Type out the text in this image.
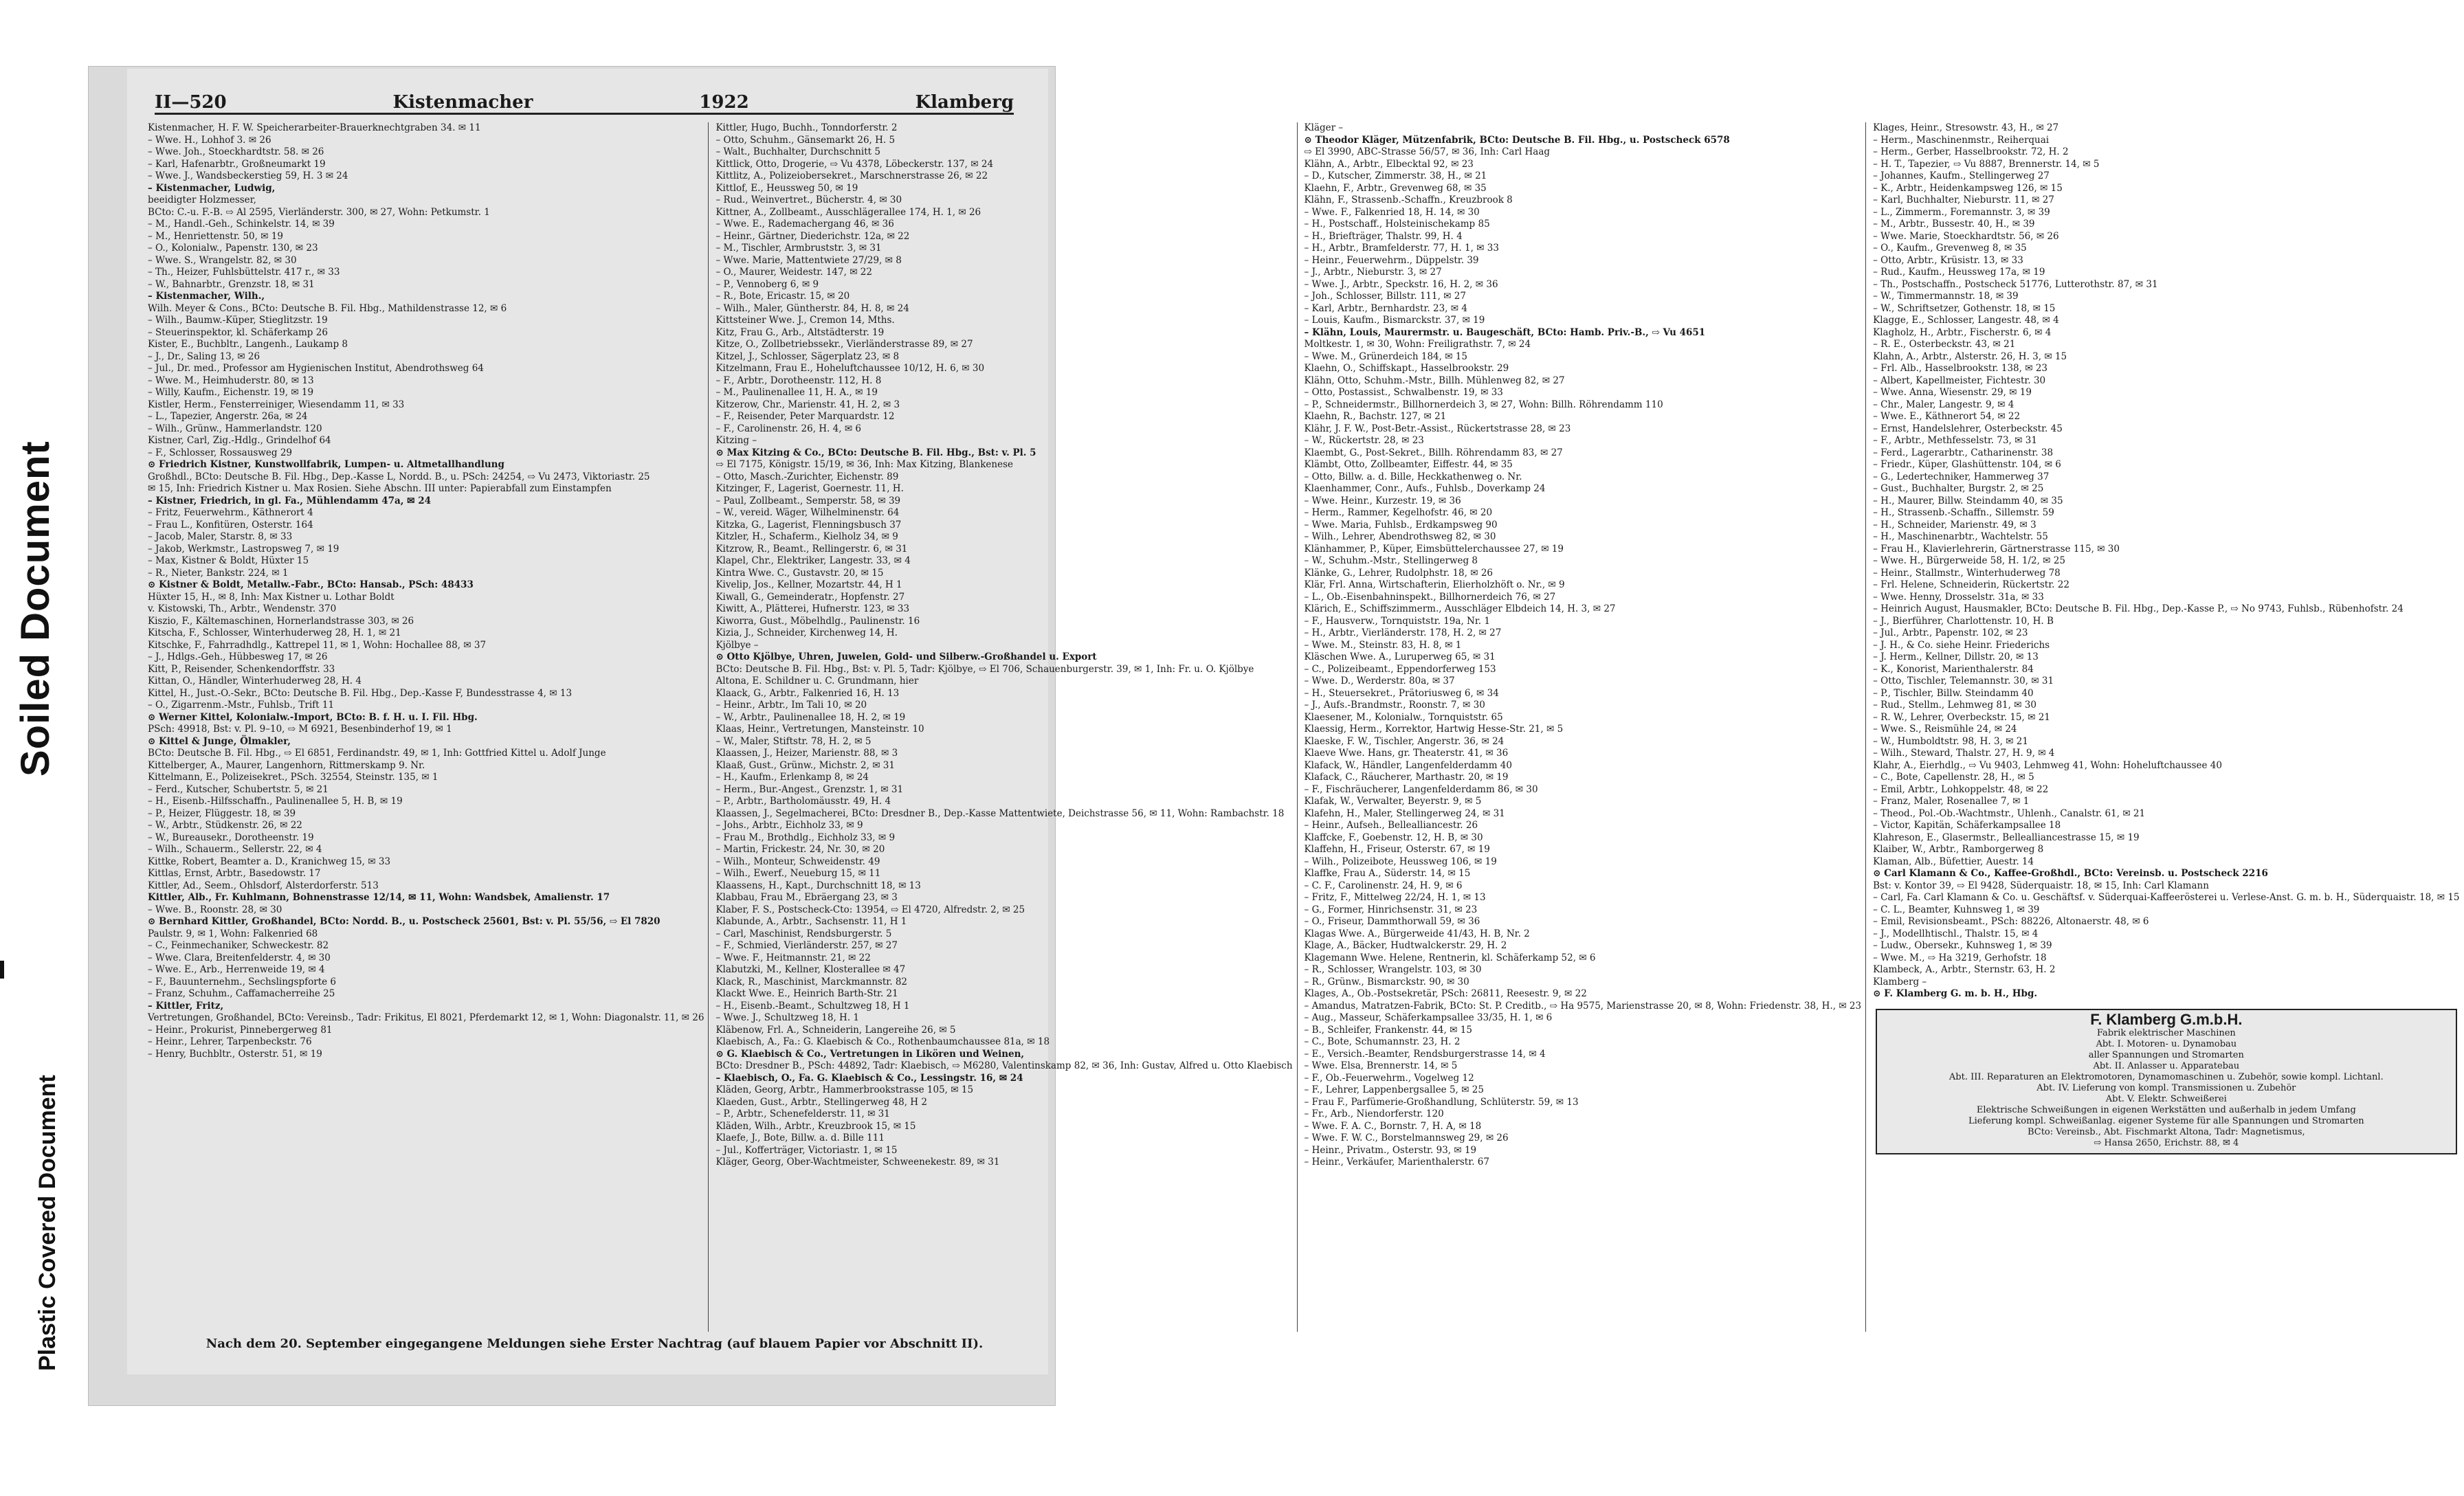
Soiled Document
Plastic Covered Document
II—520	Kistenmacher	1922	Klamberg

Kistenmacher, H. F. W. Speicherarbeiter-Brauerknechtgraben 34. ✉ 11

– Wwe. H., Lohhof 3. ✉ 26

– Wwe. Joh., Stoeckhardtstr. 58. ✉ 26

– Karl, Hafenarbtr., Großneumarkt 19

– Wwe. J., Wandsbeckerstieg 59, H. 3 ✉ 24

– Kistenmacher, Ludwig,

beeidigter Holzmesser,

BCto: C.-u. F.-B. ⇨ Al 2595, Vierländerstr. 300, ✉ 27, Wohn: Petkumstr. 1

– M., Handl.-Geh., Schinkelstr. 14, ✉ 39

– M., Henriettenstr. 50, ✉ 19

– O., Kolonialw., Papenstr. 130, ✉ 23

– Wwe. S., Wrangelstr. 82, ✉ 30

– Th., Heizer, Fuhlsbüttelstr. 417 r., ✉ 33

– W., Bahnarbtr., Grenzstr. 18, ✉ 31

– Kistenmacher, Wilh.,

Wilh. Meyer & Cons., BCto: Deutsche B. Fil. Hbg., Mathildenstrasse 12, ✉ 6

– Wilh., Baumw.-Küper, Stieglitzstr. 19

– Steuerinspektor, kl. Schäferkamp 26

Kister, E., Buchbltr., Langenh., Laukamp 8

– J., Dr., Saling 13, ✉ 26

– Jul., Dr. med., Professor am Hygienischen Institut, Abendrothsweg 64

– Wwe. M., Heimhuderstr. 80, ✉ 13

– Willy, Kaufm., Eichenstr. 19, ✉ 19

Kistler, Herm., Fensterreiniger, Wiesendamm 11, ✉ 33

– L., Tapezier, Angerstr. 26a, ✉ 24

– Wilh., Grünw., Hammerlandstr. 120

Kistner, Carl, Zig.-Hdlg., Grindelhof 64

– F., Schlosser, Rossausweg 29

⊙ Friedrich Kistner, Kunstwollfabrik, Lumpen- u. Altmetallhandlung

Großhdl., BCto: Deutsche B. Fil. Hbg., Dep.-Kasse L, Nordd. B., u. PSch: 24254, ⇨ Vu 2473, Viktoriastr. 25

✉ 15, Inh: Friedrich Kistner u. Max Rosien. Siehe Abschn. III unter: Papierabfall zum Einstampfen

– Kistner, Friedrich, in gl. Fa., Mühlendamm 47a, ✉ 24

– Fritz, Feuerwehrm., Käthnerort 4

– Frau L., Konfitüren, Osterstr. 164

– Jacob, Maler, Starstr. 8, ✉ 33

– Jakob, Werkmstr., Lastropsweg 7, ✉ 19

– Max, Kistner & Boldt, Hüxter 15

– R., Nieter, Bankstr. 224, ✉ 1

⊙ Kistner & Boldt, Metallw.-Fabr., BCto: Hansab., PSch: 48433

Hüxter 15, H., ✉ 8, Inh: Max Kistner u. Lothar Boldt

v. Kistowski, Th., Arbtr., Wendenstr. 370

Kiszio, F., Kältemaschinen, Hornerlandstrasse 303, ✉ 26

Kitscha, F., Schlosser, Winterhuderweg 28, H. 1, ✉ 21

Kitschke, F., Fahrradhdlg., Kattrepel 11, ✉ 1, Wohn: Hochallee 88, ✉ 37

– J., Hdlgs.-Geh., Hübbesweg 17, ✉ 26

Kitt, P., Reisender, Schenkendorffstr. 33

Kittan, O., Händler, Winterhuderweg 28, H. 4

Kittel, H., Just.-O.-Sekr., BCto: Deutsche B. Fil. Hbg., Dep.-Kasse F, Bundesstrasse 4, ✉ 13

– O., Zigarrenm.-Mstr., Fuhlsb., Trift 11

⊙ Werner Kittel, Kolonialw.-Import, BCto: B. f. H. u. I. Fil. Hbg.

PSch: 49918, Bst: v. Pl. 9–10, ⇨ M 6921, Besenbinderhof 19, ✉ 1

⊙ Kittel & Junge, Ölmakler,

BCto: Deutsche B. Fil. Hbg., ⇨ El 6851, Ferdinandstr. 49, ✉ 1, Inh: Gottfried Kittel u. Adolf Junge

Kittelberger, A., Maurer, Langenhorn, Rittmerskamp 9. Nr.

Kittelmann, E., Polizeisekret., PSch. 32554, Steinstr. 135, ✉ 1

– Ferd., Kutscher, Schubertstr. 5, ✉ 21

– H., Eisenb.-Hilfsschaffn., Paulinenallee 5, H. B, ✉ 19

– P., Heizer, Flüggestr. 18, ✉ 39

– W., Arbtr., Stüdkenstr. 26, ✉ 22

– W., Bureausekr., Dorotheenstr. 19

– Wilh., Schauerm., Sellerstr. 22, ✉ 4

Kittke, Robert, Beamter a. D., Kranichweg 15, ✉ 33

Kittlas, Ernst, Arbtr., Basedowstr. 17

Kittler, Ad., Seem., Ohlsdorf, Alsterdorferstr. 513

Kittler, Alb., Fr. Kuhlmann, Bohnenstrasse 12/14, ✉ 11, Wohn: Wandsbek, Amalienstr. 17

– Wwe. B., Roonstr. 28, ✉ 30

⊙ Bernhard Kittler, Großhandel, BCto: Nordd. B., u. Postscheck 25601, Bst: v. Pl. 55/56, ⇨ El 7820

Paulstr. 9, ✉ 1, Wohn: Falkenried 68

– C., Feinmechaniker, Schweckestr. 82

– Wwe. Clara, Breitenfelderstr. 4, ✉ 30

– Wwe. E., Arb., Herrenweide 19, ✉ 4

– F., Bauunternehm., Sechslingspforte 6

– Franz, Schuhm., Caffamacherreihe 25

– Kittler, Fritz,

Vertretungen, Großhandel, BCto: Vereinsb., Tadr: Frikitus, El 8021, Pferdemarkt 12, ✉ 1, Wohn: Diagonalstr. 11, ✉ 26

– Heinr., Prokurist, Pinnebergerweg 81

– Heinr., Lehrer, Tarpenbeckstr. 76

– Henry, Buchbltr., Osterstr. 51, ✉ 19

Kittler, Hugo, Buchh., Tonndorferstr. 2

– Otto, Schuhm., Gänsemarkt 26, H. 5

– Walt., Buchhalter, Durchschnitt 5

Kittlick, Otto, Drogerie, ⇨ Vu 4378, Löbeckerstr. 137, ✉ 24

Kittlitz, A., Polizeiobersekret., Marschnerstrasse 26, ✉ 22

Kittlof, E., Heussweg 50, ✉ 19

– Rud., Weinvertret., Bücherstr. 4, ✉ 30

Kittner, A., Zollbeamt., Ausschlägerallee 174, H. 1, ✉ 26

– Wwe. E., Rademachergang 46, ✉ 36

– Heinr., Gärtner, Diederichstr. 12a, ✉ 22

– M., Tischler, Armbruststr. 3, ✉ 31

– Wwe. Marie, Mattentwiete 27/29, ✉ 8

– O., Maurer, Weidestr. 147, ✉ 22

– P., Vennoberg 6, ✉ 9

– R., Bote, Ericastr. 15, ✉ 20

– Wilh., Maler, Güntherstr. 84, H. 8, ✉ 24

Kittsteiner Wwe. J., Cremon 14, Mths.

Kitz, Frau G., Arb., Altstädterstr. 19

Kitze, O., Zollbetriebssekr., Vierländerstrasse 89, ✉ 27

Kitzel, J., Schlosser, Sägerplatz 23, ✉ 8

Kitzelmann, Frau E., Hoheluftchaussee 10/12, H. 6, ✉ 30

– F., Arbtr., Dorotheenstr. 112, H. 8

– M., Paulinenallee 11, H. A., ✉ 19

Kitzerow, Chr., Marienstr. 41, H. 2, ✉ 3

– F., Reisender, Peter Marquardstr. 12

– F., Carolinenstr. 26, H. 4, ✉ 6

Kitzing –

⊙ Max Kitzing & Co., BCto: Deutsche B. Fil. Hbg., Bst: v. Pl. 5

⇨ El 7175, Königstr. 15/19, ✉ 36, Inh: Max Kitzing, Blankenese

– Otto, Masch.-Zurichter, Eichenstr. 89

Kitzinger, F., Lagerist, Goernestr. 11, H.

– Paul, Zollbeamt., Semperstr. 58, ✉ 39

– W., vereid. Wäger, Wilhelminenstr. 64

Kitzka, G., Lagerist, Flenningsbusch 37

Kitzler, H., Schaferm., Kielholz 34, ✉ 9

Kitzrow, R., Beamt., Rellingerstr. 6, ✉ 31

Klapel, Chr., Elektriker, Langestr. 33, ✉ 4

Kintra Wwe. C., Gustavstr. 20, ✉ 15

Kivelip, Jos., Kellner, Mozartstr. 44, H 1

Kiwall, G., Gemeinderatr., Hopfenstr. 27

Kiwitt, A., Plätterei, Hufnerstr. 123, ✉ 33

Kiworra, Gust., Möbelhdlg., Paulinenstr. 16

Kizia, J., Schneider, Kirchenweg 14, H.

Kjölbye –

⊙ Otto Kjölbye, Uhren, Juwelen, Gold- und Silberw.-Großhandel u. Export

BCto: Deutsche B. Fil. Hbg., Bst: v. Pl. 5, Tadr: Kjölbye, ⇨ El 706, Schauenburgerstr. 39, ✉ 1, Inh: Fr. u. O. Kjölbye

Altona, E. Schildner u. C. Grundmann, hier

Klaack, G., Arbtr., Falkenried 16, H. 13

– Heinr., Arbtr., Im Tali 10, ✉ 20

– W., Arbtr., Paulinenallee 18, H. 2, ✉ 19

Klaas, Heinr., Vertretungen, Mansteinstr. 10

– W., Maler, Stiftstr. 78, H. 2, ✉ 5

Klaassen, J., Heizer, Marienstr. 88, ✉ 3

Klaaß, Gust., Grünw., Michstr. 2, ✉ 31

– H., Kaufm., Erlenkamp 8, ✉ 24

– Herm., Bur.-Angest., Grenzstr. 1, ✉ 31

– P., Arbtr., Bartholomäusstr. 49, H. 4

Klaassen, J., Segelmacherei, BCto: Dresdner B., Dep.-Kasse Mattentwiete, Deichstrasse 56, ✉ 11, Wohn: Rambachstr. 18

– Johs., Arbtr., Eichholz 33, ✉ 9

– Frau M., Brothdlg., Eichholz 33, ✉ 9

– Martin, Frickestr. 24, Nr. 30, ✉ 20

– Wilh., Monteur, Schweidenstr. 49

– Wilh., Ewerf., Neueburg 15, ✉ 11

Klaassens, H., Kapt., Durchschnitt 18, ✉ 13

Klabbau, Frau M., Ebräergang 23, ✉ 3

Klaber, F. S., Postscheck-Cto: 13954, ⇨ El 4720, Alfredstr. 2, ✉ 25

Klabunde, A., Arbtr., Sachsenstr. 11, H 1

– Carl, Maschinist, Rendsburgerstr. 5

– F., Schmied, Vierländerstr. 257, ✉ 27

– Wwe. F., Heitmannstr. 21, ✉ 22

Klabutzki, M., Kellner, Klosterallee ✉ 47

Klack, R., Maschinist, Marckmannstr. 82

Klackt Wwe. E., Heinrich Barth-Str. 21

– H., Eisenb.-Beamt., Schultzweg 18, H 1

– Wwe. J., Schultzweg 18, H. 1

Kläbenow, Frl. A., Schneiderin, Langereihe 26, ✉ 5

Klaebisch, A., Fa.: G. Klaebisch & Co., Rothenbaumchaussee 81a, ✉ 18

⊙ G. Klaebisch & Co., Vertretungen in Likören und Weinen,

BCto: Dresdner B., PSch: 44892, Tadr: Klaebisch, ⇨ M6280, Valentinskamp 82, ✉ 36, Inh: Gustav, Alfred u. Otto Klaebisch

– Klaebisch, O., Fa. G. Klaebisch & Co., Lessingstr. 16, ✉ 24

Kläden, Georg, Arbtr., Hammerbrookstrasse 105, ✉ 15

Klaeden, Gust., Arbtr., Stellingerweg 48, H 2

– P., Arbtr., Schenefelderstr. 11, ✉ 31

Kläden, Wilh., Arbtr., Kreuzbrook 15, ✉ 15

Klaefe, J., Bote, Billw. a. d. Bille 111

– Jul., Kofferträger, Victoriastr. 1, ✉ 15

Kläger, Georg, Ober-Wachtmeister, Schweenekestr. 89, ✉ 31

Kläger –

⊙ Theodor Kläger, Mützenfabrik, BCto: Deutsche B. Fil. Hbg., u. Postscheck 6578

⇨ El 3990, ABC-Strasse 56/57, ✉ 36, Inh: Carl Haag

Klähn, A., Arbtr., Elbecktal 92, ✉ 23

– D., Kutscher, Zimmerstr. 38, H., ✉ 21

Klaehn, F., Arbtr., Grevenweg 68, ✉ 35

Klähn, F., Strassenb.-Schaffn., Kreuzbrook 8

– Wwe. F., Falkenried 18, H. 14, ✉ 30

– H., Postschaff., Holsteinischekamp 85

– H., Briefträger, Thalstr. 99, H. 4

– H., Arbtr., Bramfelderstr. 77, H. 1, ✉ 33

– Heinr., Feuerwehrm., Düppelstr. 39

– J., Arbtr., Nieburstr. 3, ✉ 27

– Wwe. J., Arbtr., Speckstr. 16, H. 2, ✉ 36

– Joh., Schlosser, Billstr. 111, ✉ 27

– Karl, Arbtr., Bernhardstr. 23, ✉ 4

– Louis, Kaufm., Bismarckstr. 37, ✉ 19

– Klähn, Louis, Maurermstr. u. Baugeschäft, BCto: Hamb. Priv.-B., ⇨ Vu 4651

Moltkestr. 1, ✉ 30, Wohn: Freiligrathstr. 7, ✉ 24

– Wwe. M., Grünerdeich 184, ✉ 15

Klaehn, O., Schiffskapt., Hasselbrookstr. 29

Klähn, Otto, Schuhm.-Mstr., Billh. Mühlenweg 82, ✉ 27

– Otto, Postassist., Schwalbenstr. 19, ✉ 33

– P., Schneidermstr., Billhornerdeich 3, ✉ 27, Wohn: Billh. Röhrendamm 110

Klaehn, R., Bachstr. 127, ✉ 21

Klähr, J. F. W., Post-Betr.-Assist., Rückertstrasse 28, ✉ 23

– W., Rückertstr. 28, ✉ 23

Klaembt, G., Post-Sekret., Billh. Röhrendamm 83, ✉ 27

Klämbt, Otto, Zollbeamter, Eiffestr. 44, ✉ 35

– Otto, Billw. a. d. Bille, Heckkathenweg o. Nr.

Klaenhammer, Conr., Aufs., Fuhlsb., Doverkamp 24

– Wwe. Heinr., Kurzestr. 19, ✉ 36

– Herm., Rammer, Kegelhofstr. 46, ✉ 20

– Wwe. Maria, Fuhlsb., Erdkampsweg 90

– Wilh., Lehrer, Abendrothsweg 82, ✉ 30

Klänhammer, P., Küper, Eimsbüttelerchaussee 27, ✉ 19

– W., Schuhm.-Mstr., Stellingerweg 8

Klänke, G., Lehrer, Rudolphstr. 18, ✉ 26

Klär, Frl. Anna, Wirtschafterin, Elierholzhöft o. Nr., ✉ 9

– L., Ob.-Eisenbahninspekt., Billhornerdeich 76, ✉ 27

Klärich, E., Schiffszimmerm., Ausschläger Elbdeich 14, H. 3, ✉ 27

– F., Hausverw., Tornquiststr. 19a, Nr. 1

– H., Arbtr., Vierländerstr. 178, H. 2, ✉ 27

– Wwe. M., Steinstr. 83, H. 8, ✉ 1

Kläschen Wwe. A., Luruperweg 65, ✉ 31

– C., Polizeibeamt., Eppendorferweg 153

– Wwe. D., Werderstr. 80a, ✉ 37

– H., Steuersekret., Prätoriusweg 6, ✉ 34

– J., Aufs.-Brandmstr., Roonstr. 7, ✉ 30

Klaesener, M., Kolonialw., Tornquiststr. 65

Klaessig, Herm., Korrektor, Hartwig Hesse-Str. 21, ✉ 5

Klaeske, F. W., Tischler, Angerstr. 36, ✉ 24

Klaeve Wwe. Hans, gr. Theaterstr. 41, ✉ 36

Klafack, W., Händler, Langenfelderdamm 40

Klafack, C., Räucherer, Marthastr. 20, ✉ 19

– F., Fischräucherer, Langenfelderdamm 86, ✉ 30

Klafak, W., Verwalter, Beyerstr. 9, ✉ 5

Klafehn, H., Maler, Stellingerweg 24, ✉ 31

– Heinr., Aufseh., Bellealliancestr. 26

Klaffcke, F., Goebenstr. 12, H. B, ✉ 30

Klaffehn, H., Friseur, Osterstr. 67, ✉ 19

– Wilh., Polizeibote, Heussweg 106, ✉ 19

Klaffke, Frau A., Süderstr. 14, ✉ 15

– C. F., Carolinenstr. 24, H. 9, ✉ 6

– Fritz, F., Mittelweg 22/24, H. 1, ✉ 13

– G., Former, Hinrichsenstr. 31, ✉ 23

– O., Friseur, Dammthorwall 59, ✉ 36

Klagas Wwe. A., Bürgerweide 41/43, H. B, Nr. 2

Klage, A., Bäcker, Hudtwalckerstr. 29, H. 2

Klagemann Wwe. Helene, Rentnerin, kl. Schäferkamp 52, ✉ 6

– R., Schlosser, Wrangelstr. 103, ✉ 30

– R., Grünw., Bismarckstr. 90, ✉ 30

Klages, A., Ob.-Postsekretär, PSch: 26811, Reesestr. 9, ✉ 22

– Amandus, Matratzen-Fabrik, BCto: St. P. Creditb., ⇨ Ha 9575, Marienstrasse 20, ✉ 8, Wohn: Friedenstr. 38, H., ✉ 23

– Aug., Masseur, Schäferkampsallee 33/35, H. 1, ✉ 6

– B., Schleifer, Frankenstr. 44, ✉ 15

– C., Bote, Schumannstr. 23, H. 2

– E., Versich.-Beamter, Rendsburgerstrasse 14, ✉ 4

– Wwe. Elsa, Brennerstr. 14, ✉ 5

– F., Ob.-Feuerwehrm., Vogelweg 12

– F., Lehrer, Lappenbergsallee 5, ✉ 25

– Frau F., Parfümerie-Großhandlung, Schlüterstr. 59, ✉ 13

– Fr., Arb., Niendorferstr. 120

– Wwe. F. A. C., Bornstr. 7, H. A, ✉ 18

– Wwe. F. W. C., Borstelmannsweg 29, ✉ 26

– Heinr., Privatm., Osterstr. 93, ✉ 19

– Heinr., Verkäufer, Marienthalerstr. 67

Klages, Heinr., Stresowstr. 43, H., ✉ 27

– Herm., Maschinenmstr., Reiherquai

– Herm., Gerber, Hasselbrookstr. 72, H. 2

– H. T., Tapezier, ⇨ Vu 8887, Brennerstr. 14, ✉ 5

– Johannes, Kaufm., Stellingerweg 27

– K., Arbtr., Heidenkampsweg 126, ✉ 15

– Karl, Buchhalter, Nieburstr. 11, ✉ 27

– L., Zimmerm., Foremannstr. 3, ✉ 39

– M., Arbtr., Bussestr. 40, H., ✉ 39

– Wwe. Marie, Stoeckhardtstr. 56, ✉ 26

– O., Kaufm., Grevenweg 8, ✉ 35

– Otto, Arbtr., Krüsistr. 13, ✉ 33

– Rud., Kaufm., Heussweg 17a, ✉ 19

– Th., Postschaffn., Postscheck 51776, Lutterothstr. 87, ✉ 31

– W., Timmermannstr. 18, ✉ 39

– W., Schriftsetzer, Gothenstr. 18, ✉ 15

Klagge, E., Schlosser, Langestr. 48, ✉ 4

Klagholz, H., Arbtr., Fischerstr. 6, ✉ 4

– R. E., Osterbeckstr. 43, ✉ 21

Klahn, A., Arbtr., Alsterstr. 26, H. 3, ✉ 15

– Frl. Alb., Hasselbrookstr. 138, ✉ 23

– Albert, Kapellmeister, Fichtestr. 30

– Wwe. Anna, Wiesenstr. 29, ✉ 19

– Chr., Maler, Langestr. 9, ✉ 4

– Wwe. E., Käthnerort 54, ✉ 22

– Ernst, Handelslehrer, Osterbeckstr. 45

– F., Arbtr., Methfesselstr. 73, ✉ 31

– Ferd., Lagerarbtr., Catharinenstr. 38

– Friedr., Küper, Glashüttenstr. 104, ✉ 6

– G., Ledertechniker, Hammerweg 37

– Gust., Buchhalter, Burgstr. 2, ✉ 25

– H., Maurer, Billw. Steindamm 40, ✉ 35

– H., Strassenb.-Schaffn., Sillemstr. 59

– H., Schneider, Marienstr. 49, ✉ 3

– H., Maschinenarbtr., Wachtelstr. 55

– Frau H., Klavierlehrerin, Gärtnerstrasse 115, ✉ 30

– Wwe. H., Bürgerweide 58, H. 1/2, ✉ 25

– Heinr., Stallmstr., Winterhuderweg 78

– Frl. Helene, Schneiderin, Rückertstr. 22

– Wwe. Henny, Drosselstr. 31a, ✉ 33

– Heinrich August, Hausmakler, BCto: Deutsche B. Fil. Hbg., Dep.-Kasse P., ⇨ No 9743, Fuhlsb., Rübenhofstr. 24

– J., Bierführer, Charlottenstr. 10, H. B

– Jul., Arbtr., Papenstr. 102, ✉ 23

– J. H., & Co. siehe Heinr. Friederichs

– J. Herm., Kellner, Dillstr. 20, ✉ 13

– K., Konorist, Marienthalerstr. 84

– Otto, Tischler, Telemannstr. 30, ✉ 31

– P., Tischler, Billw. Steindamm 40

– Rud., Stellm., Lehmweg 81, ✉ 30

– R. W., Lehrer, Overbeckstr. 15, ✉ 21

– Wwe. S., Reismühle 24, ✉ 24

– W., Humboldtstr. 98, H. 3, ✉ 21

– Wilh., Steward, Thalstr. 27, H. 9, ✉ 4

Klahr, A., Eierhdlg., ⇨ Vu 9403, Lehmweg 41, Wohn: Hoheluftchaussee 40

– C., Bote, Capellenstr. 28, H., ✉ 5

– Emil, Arbtr., Lohkoppelstr. 48, ✉ 22

– Franz, Maler, Rosenallee 7, ✉ 1

– Theod., Pol.-Ob.-Wachtmstr., Uhlenh., Canalstr. 61, ✉ 21

– Victor, Kapitän, Schäferkampsallee 18

Klahreson, E., Glasermstr., Bellealliancestrasse 15, ✉ 19

Klaiber, W., Arbtr., Ramborgerweg 8

Klaman, Alb., Büfettier, Auestr. 14

⊙ Carl Klamann & Co., Kaffee-Großhdl., BCto: Vereinsb. u. Postscheck 2216

Bst: v. Kontor 39, ⇨ El 9428, Süderquaistr. 18, ✉ 15, Inh: Carl Klamann

– Carl, Fa. Carl Klamann & Co. u. Geschäftsf. v. Süderquai-Kaffeerösterei u. Verlese-Anst. G. m. b. H., Süderquaistr. 18, ✉ 15

– C. L., Beamter, Kuhnsweg 1, ✉ 39

– Emil, Revisionsbeamt., PSch: 88226, Altonaerstr. 48, ✉ 6

– J., Modellhtischl., Thalstr. 15, ✉ 4

– Ludw., Obersekr., Kuhnsweg 1, ✉ 39

– Wwe. M., ⇨ Ha 3219, Gerhofstr. 18

Klambeck, A., Arbtr., Sternstr. 63, H. 2

Klamberg –

⊙ F. Klamberg G. m. b. H., Hbg.

F. Klamberg G.m.b.H.
Fabrik elektrischer Maschinen
Abt. I. Motoren- u. Dynamobau
aller Spannungen und Stromarten
Abt. II. Anlasser u. Apparatebau
Abt. III. Reparaturen an Elektromotoren, Dynamomaschinen u. Zubehör, sowie kompl. Lichtanl.
Abt. IV. Lieferung von kompl. Transmissionen u. Zubehör
Abt. V. Elektr. Schweißerei
Elektrische Schweißungen in eigenen Werkstätten und außerhalb in jedem Umfang
Lieferung kompl. Schweißanlag. eigener Systeme für alle Spannungen und Stromarten
BCto: Vereinsb., Abt. Fischmarkt Altona, Tadr: Magnetismus,
⇨ Hansa 2650, Erichstr. 88, ✉ 4
Nach dem 20. September eingegangene Meldungen siehe Erster Nachtrag (auf blauem Papier vor Abschnitt II).
